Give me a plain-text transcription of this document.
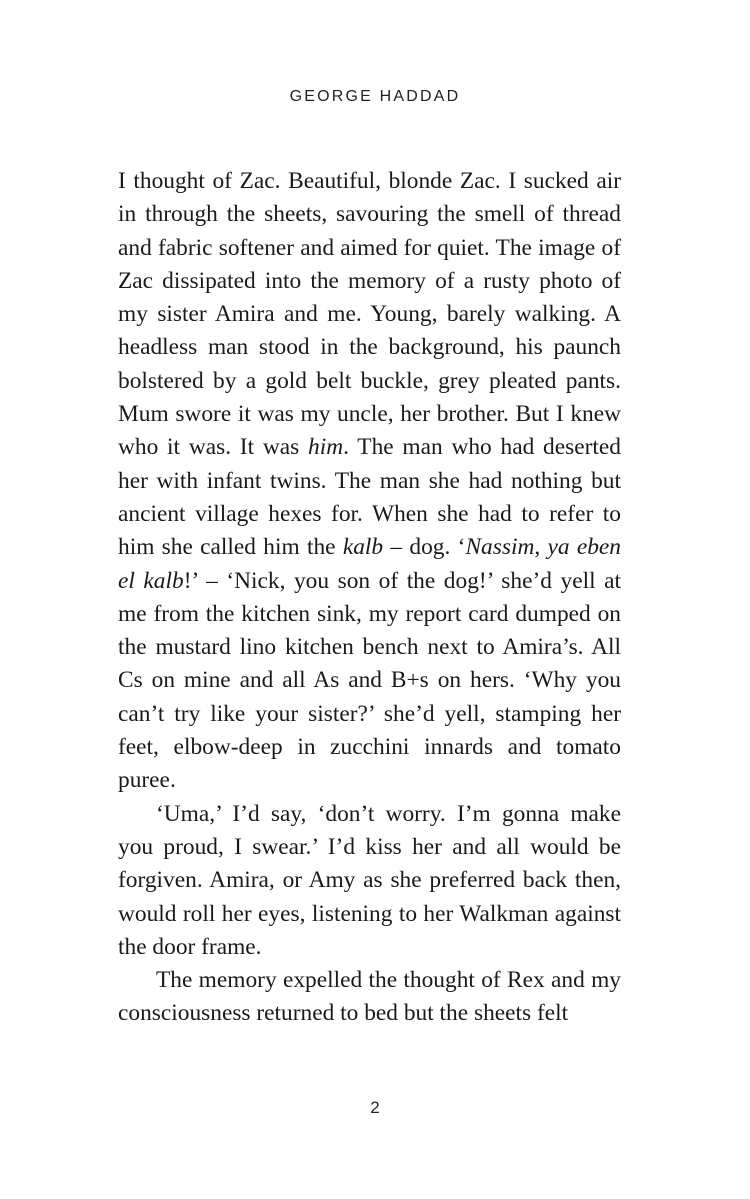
GEORGE HADDAD

I thought of Zac. Beautiful, blonde Zac. I sucked air in through the sheets, savouring the smell of thread and fabric softener and aimed for quiet. The image of Zac dissipated into the memory of a rusty photo of my sister Amira and me. Young, barely walking. A headless man stood in the background, his paunch bolstered by a gold belt buckle, grey pleated pants. Mum swore it was my uncle, her brother. But I knew who it was. It was him. The man who had deserted her with infant twins. The man she had nothing but ancient village hexes for. When she had to refer to him she called him the kalb – dog. ‘Nassim, ya eben el kalb!’ – ‘Nick, you son of the dog!’ she’d yell at me from the kitchen sink, my report card dumped on the mustard lino kitchen bench next to Amira’s. All Cs on mine and all As and B+s on hers. ‘Why you can’t try like your sister?’ she’d yell, stamping her feet, elbow-deep in zucchini innards and tomato puree.

‘Uma,’ I’d say, ‘don’t worry. I’m gonna make you proud, I swear.’ I’d kiss her and all would be forgiven. Amira, or Amy as she preferred back then, would roll her eyes, listening to her Walkman against the door frame.

The memory expelled the thought of Rex and my consciousness returned to bed but the sheets felt

2
